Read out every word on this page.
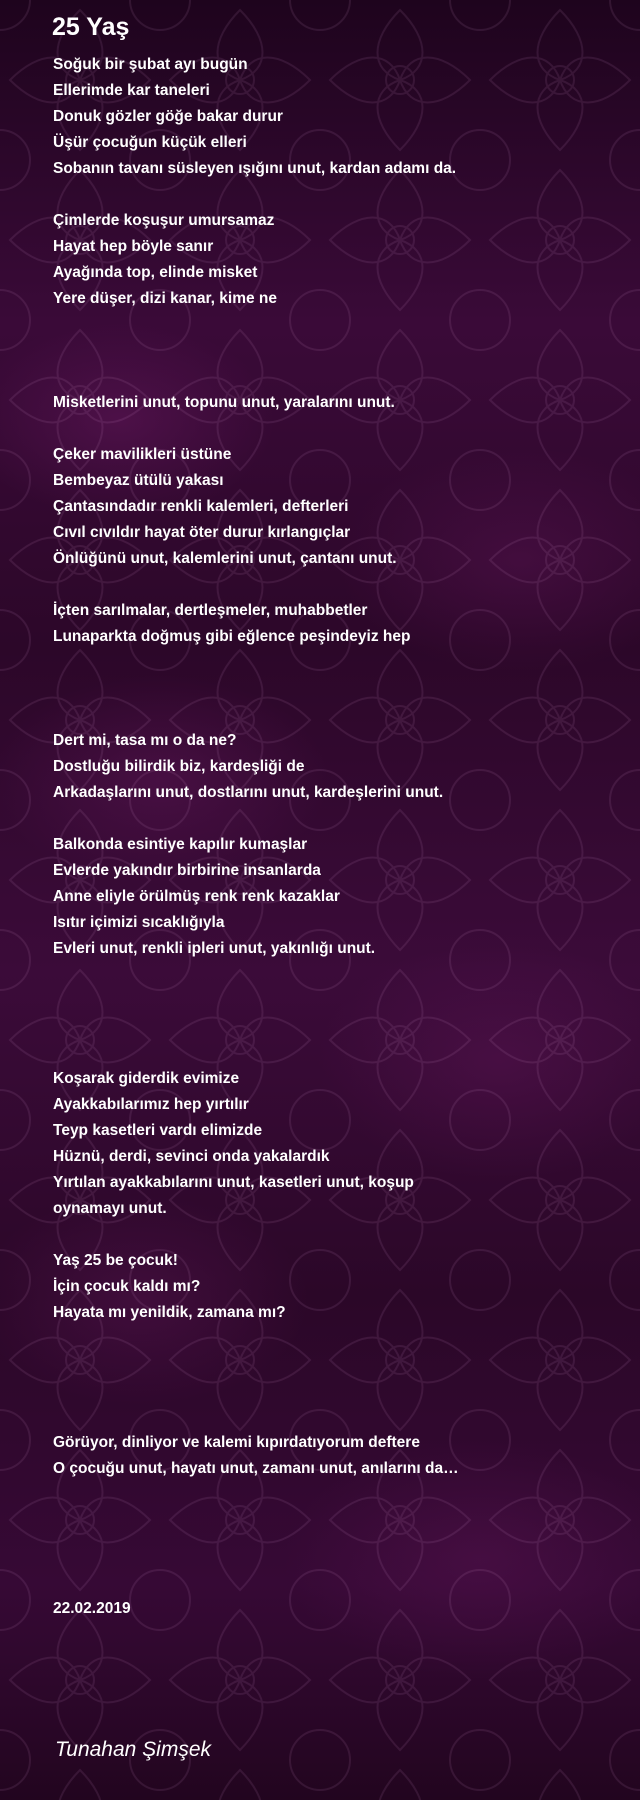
25 Yaş
Soğuk bir şubat ayı bugün
Ellerimde kar taneleri
Donuk gözler göğe bakar durur
Üşür çocuğun küçük elleri
Sobanın tavanı süsleyen ışığını unut, kardan adamı da.
Çimlerde koşuşur umursamaz
Hayat hep böyle sanır
Ayağında top, elinde misket
Yere düşer, dizi kanar, kime ne
Misketlerini unut, topunu unut, yaralarını unut.
Çeker mavilikleri üstüne
Bembeyaz ütülü yakası
Çantasındadır renkli kalemleri, defterleri
Cıvıl cıvıldır hayat öter durur kırlangıçlar
Önlüğünü unut, kalemlerini unut, çantanı unut.
İçten sarılmalar, dertleşmeler, muhabbetler
Lunaparkta doğmuş gibi eğlence peşindeyiz hep
Dert mi, tasa mı o da ne?
Dostluğu bilirdik biz, kardeşliği de
Arkadaşlarını unut, dostlarını unut, kardeşlerini unut.
Balkonda esintiye kapılır kumaşlar
Evlerde yakındır birbirine insanlarda
Anne eliyle örülmüş renk renk kazaklar
Isıtır içimizi sıcaklığıyla
Evleri unut, renkli ipleri unut, yakınlığı unut.
Koşarak giderdik evimize
Ayakkabılarımız hep yırtılır
Teyp kasetleri vardı elimizde
Hüznü, derdi, sevinci onda yakalardık
Yırtılan ayakkabılarını unut, kasetleri unut, koşup
oynamayı unut.
Yaş 25 be çocuk!
İçin çocuk kaldı mı?
Hayata mı yenildik, zamana mı?
Görüyor, dinliyor ve kalemi kıpırdatıyorum deftere
O çocuğu unut, hayatı unut, zamanı unut, anılarını da…
22.02.2019
Tunahan Şimşek
